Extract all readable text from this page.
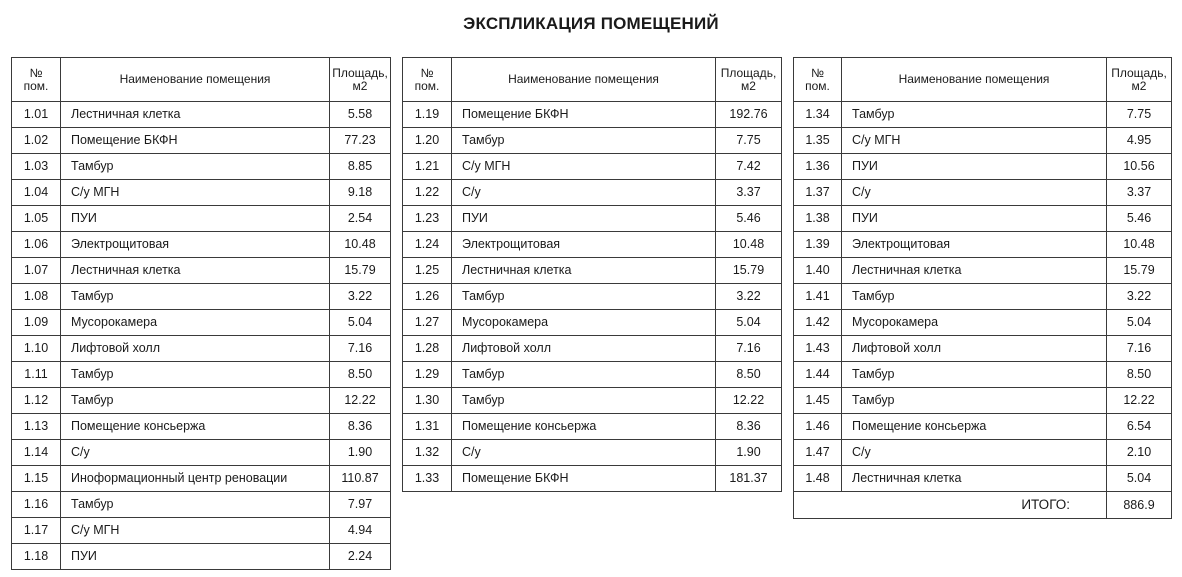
ЭКСПЛИКАЦИЯ ПОМЕЩЕНИЙ
№
пом.	Наименование помещения	Площадь,
м2
1.01	Лестничная клетка	5.58
1.02	Помещение БКФН	77.23
1.03	Тамбур	8.85
1.04	С/у МГН	9.18
1.05	ПУИ	2.54
1.06	Электрощитовая	10.48
1.07	Лестничная клетка	15.79
1.08	Тамбур	3.22
1.09	Мусорокамера	5.04
1.10	Лифтовой холл	7.16
1.11	Тамбур	8.50
1.12	Тамбур	12.22
1.13	Помещение консьержа	8.36
1.14	С/у	1.90
1.15	Иноформационный центр реновации	110.87
1.16	Тамбур	7.97
1.17	С/у МГН	4.94
1.18	ПУИ	2.24
№
пом.	Наименование помещения	Площадь,
м2
1.19	Помещение БКФН	192.76
1.20	Тамбур	7.75
1.21	С/у МГН	7.42
1.22	С/у	3.37
1.23	ПУИ	5.46
1.24	Электрощитовая	10.48
1.25	Лестничная клетка	15.79
1.26	Тамбур	3.22
1.27	Мусорокамера	5.04
1.28	Лифтовой холл	7.16
1.29	Тамбур	8.50
1.30	Тамбур	12.22
1.31	Помещение консьержа	8.36
1.32	С/у	1.90
1.33	Помещение БКФН	181.37
№
пом.	Наименование помещения	Площадь,
м2
1.34	Тамбур	7.75
1.35	С/у МГН	4.95
1.36	ПУИ	10.56
1.37	С/у	3.37
1.38	ПУИ	5.46
1.39	Электрощитовая	10.48
1.40	Лестничная клетка	15.79
1.41	Тамбур	3.22
1.42	Мусорокамера	5.04
1.43	Лифтовой холл	7.16
1.44	Тамбур	8.50
1.45	Тамбур	12.22
1.46	Помещение консьержа	6.54
1.47	С/у	2.10
1.48	Лестничная клетка	5.04
ИТОГО:		886.9
